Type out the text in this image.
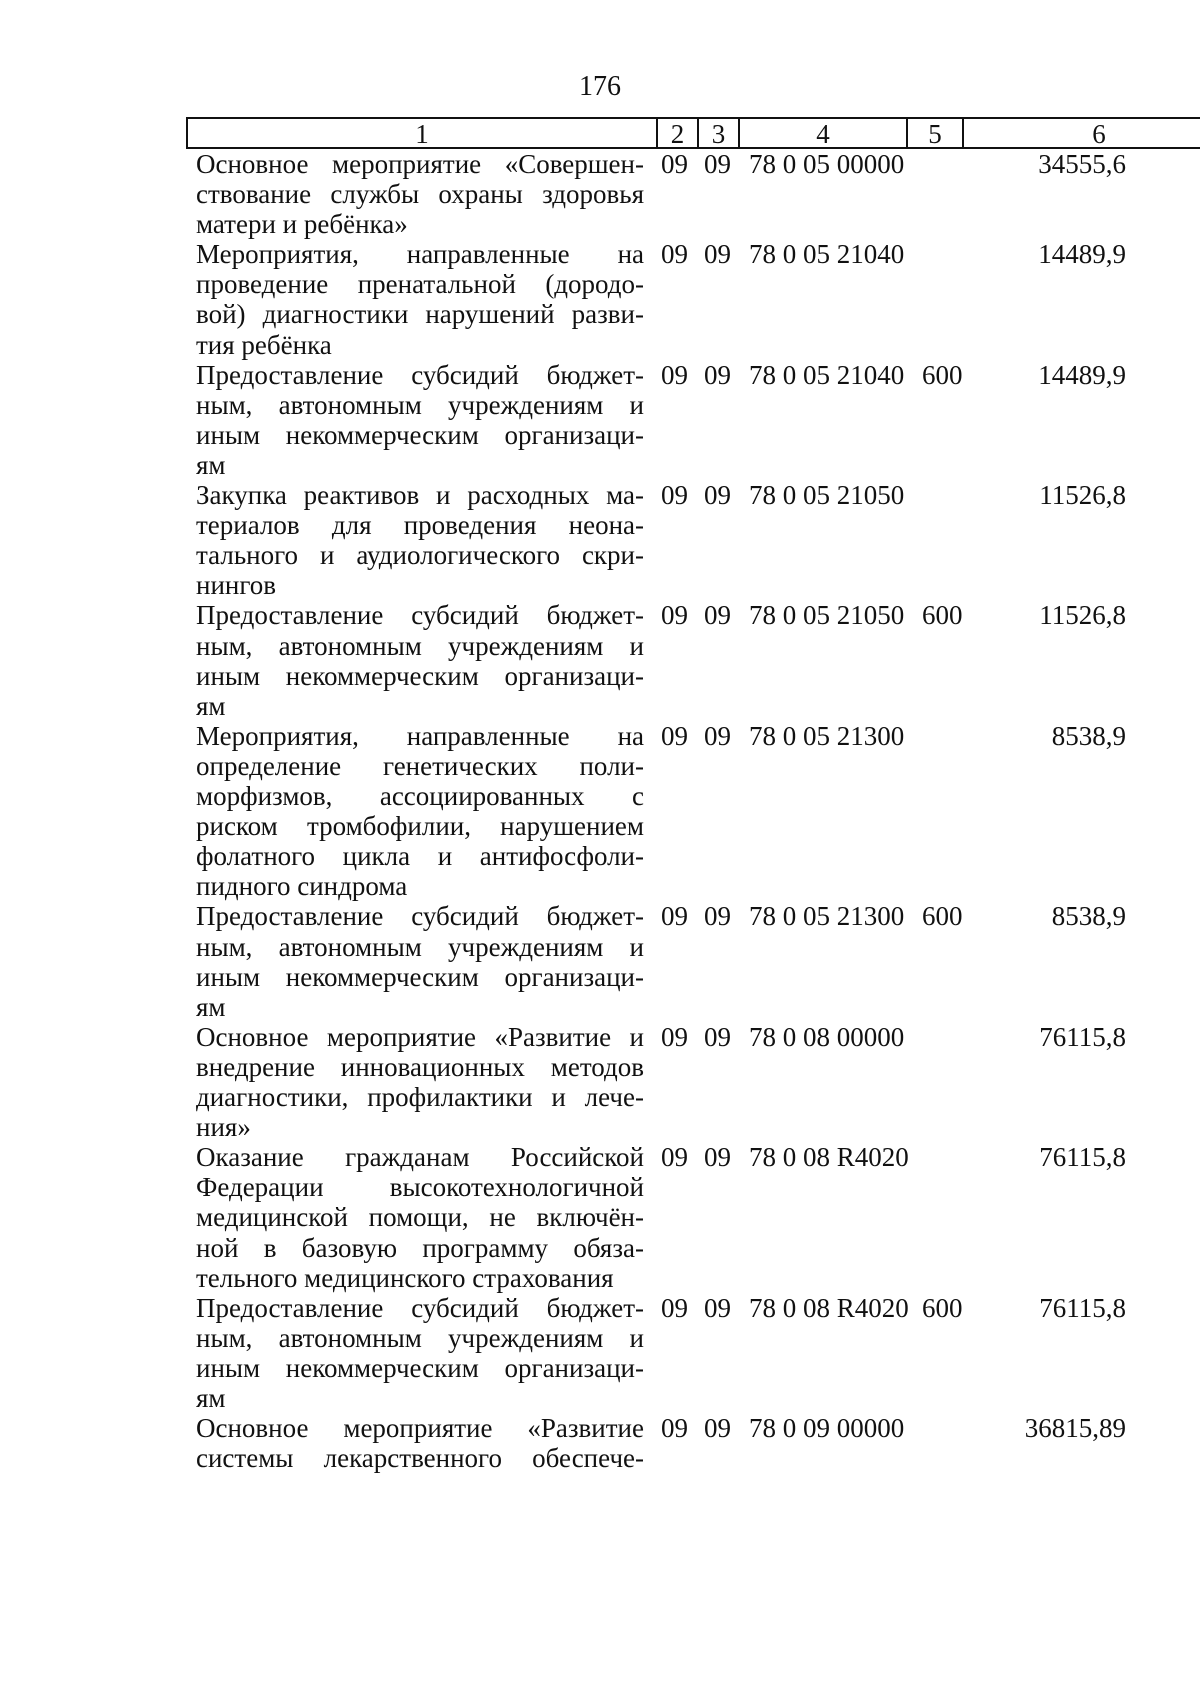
176
1	2	3	4	5	6
Основное мероприятие «Совершен-
ствование службы охраны здоровья
матери и ребёнка»
09 09 78 0 05 00000	34555,6
Мероприятия, направленные на
проведение пренатальной (дородо-
вой) диагностики нарушений разви-
тия ребёнка
09 09 78 0 05 21040	14489,9
Предоставление субсидий бюджет-
ным, автономным учреждениям и
иным некоммерческим организаци-
ям
09 09 78 0 05 21040 600	14489,9
Закупка реактивов и расходных ма-
териалов для проведения неона-
тального и аудиологического скри-
нингов
09 09 78 0 05 21050	11526,8
Предоставление субсидий бюджет-
ным, автономным учреждениям и
иным некоммерческим организаци-
ям
09 09 78 0 05 21050 600	11526,8
Мероприятия, направленные на
определение генетических поли-
морфизмов, ассоциированных с
риском тромбофилии, нарушением
фолатного цикла и антифосфоли-
пидного синдрома
09 09 78 0 05 21300	8538,9
Предоставление субсидий бюджет-
ным, автономным учреждениям и
иным некоммерческим организаци-
ям
09 09 78 0 05 21300 600	8538,9
Основное мероприятие «Развитие и
внедрение инновационных методов
диагностики, профилактики и лече-
ния»
09 09 78 0 08 00000	76115,8
Оказание гражданам Российской
Федерации высокотехнологичной
медицинской помощи, не включён-
ной в базовую программу обяза-
тельного медицинского страхования
09 09 78 0 08 R4020	76115,8
Предоставление субсидий бюджет-
ным, автономным учреждениям и
иным некоммерческим организаци-
ям
09 09 78 0 08 R4020 600	76115,8
Основное мероприятие «Развитие
системы лекарственного обеспече-
09 09 78 0 09 00000	36815,89
